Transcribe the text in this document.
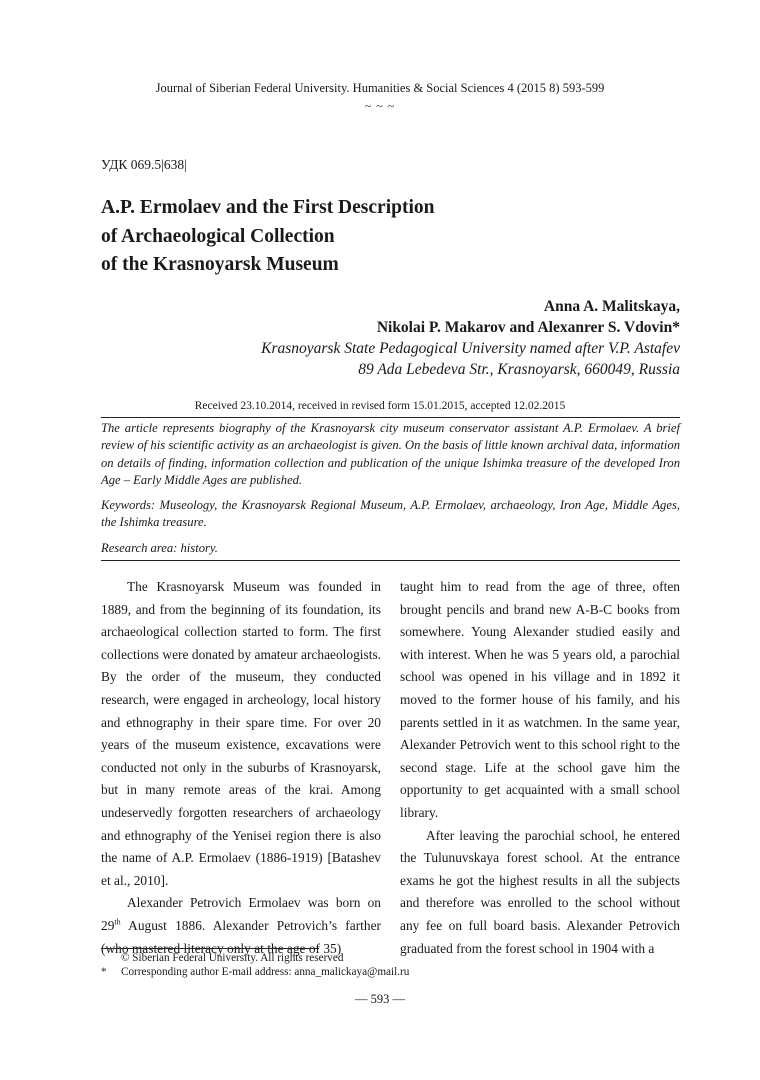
Journal of Siberian Federal University. Humanities & Social Sciences 4 (2015 8) 593-599
~ ~ ~
УДК 069.5|638|
A.P. Ermolaev and the First Description
of Archaeological Collection
of the Krasnoyarsk Museum
Anna A. Malitskaya,
Nikolai P. Makarov and Alexanrer S. Vdovin*
Krasnoyarsk State Pedagogical University named after V.P. Astafev
89 Ada Lebedeva Str., Krasnoyarsk, 660049, Russia
Received 23.10.2014, received in revised form 15.01.2015, accepted 12.02.2015

The article represents biography of the Krasnoyarsk city museum conservator assistant A.P. Ermolaev. A brief review of his scientific activity as an archaeologist is given. On the basis of little known archival data, information on details of finding, information collection and publication of the unique Ishimka treasure of the developed Iron Age – Early Middle Ages are published.

Keywords: Museology, the Krasnoyarsk Regional Museum, A.P. Ermolaev, archaeology, Iron Age, Middle Ages, the Ishimka treasure.

Research area: history.

The Krasnoyarsk Museum was founded in 1889, and from the beginning of its foundation, its archaeological collection started to form. The first collections were donated by amateur archaeologists. By the order of the museum, they conducted research, were engaged in archeology, local history and ethnography in their spare time. For over 20 years of the museum existence, excavations were conducted not only in the suburbs of Krasnoyarsk, but in many remote areas of the krai. Among undeservedly forgotten researchers of archaeology and ethnography of the Yenisei region there is also the name of A.P. Ermolaev (1886-1919) [Batashev et al., 2010].

Alexander Petrovich Ermolaev was born on 29th August 1886. Alexander Petrovich’s farther (who mastered literacy only at the age of 35)

taught him to read from the age of three, often brought pencils and brand new A-B-C books from somewhere. Young Alexander studied easily and with interest. When he was 5 years old, a parochial school was opened in his village and in 1892 it moved to the former house of his family, and his parents settled in it as watchmen. In the same year, Alexander Petrovich went to this school right to the second stage. Life at the school gave him the opportunity to get acquainted with a small school library.

After leaving the parochial school, he entered the Tulunuvskaya forest school. At the entrance exams he got the highest results in all the subjects and therefore was enrolled to the school without any fee on full board basis. Alexander Petrovich graduated from the forest school in 1904 with a

© Siberian Federal University. All rights reserved
* Corresponding author E-mail address: anna_malickaya@mail.ru
— 593 —
